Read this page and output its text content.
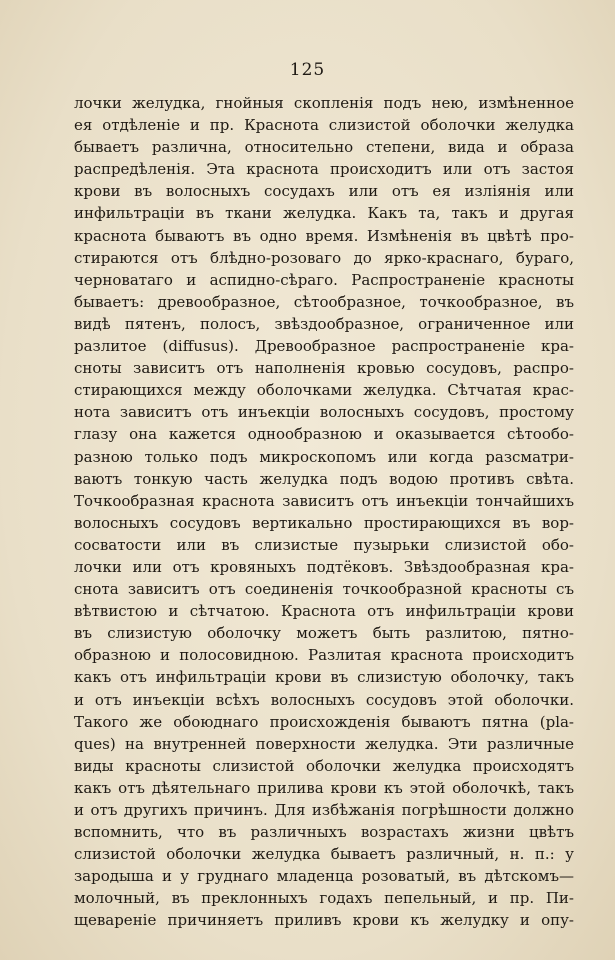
125
лочки желудка, гнойныя скопленія подъ нею, измѣненное
ея отдѣленіе и пр. Краснота слизистой оболочки желудка
бываетъ различна, относительно степени, вида и образа
распредѣленія. Эта краснота происходитъ или отъ застоя
крови въ волосныхъ сосудахъ или отъ ея изліянія или
инфильтраціи въ ткани желудка. Какъ та, такъ и другая
краснота бываютъ въ одно время. Измѣненія въ цвѣтѣ про-
стираются отъ блѣдно-розоваго до ярко-краснаго, бураго,
черноватаго и аспидно-сѣраго. Распространеніе красноты
бываетъ: древообразное, сѣтообразное, точкообразное, въ
видѣ пятенъ, полосъ, звѣздообразное, ограниченное или
разлитое (diffusus). Древообразное распространеніе кра-
сноты зависитъ отъ наполненія кровью сосудовъ, распро-
стирающихся между оболочками желудка. Сѣтчатая крас-
нота зависитъ отъ инъекціи волосныхъ сосудовъ, простому
глазу она кажется однообразною и оказывается сѣтообо-
разною только подъ микроскопомъ или когда разсматри-
ваютъ тонкую часть желудка подъ водою противъ свѣта.
Точкообразная краснота зависитъ отъ инъекціи тончайшихъ
волосныхъ сосудовъ вертикально простирающихся въ вор-
сосватости или въ слизистые пузырьки слизистой обо-
лочки или отъ кровяныхъ подтёковъ. Звѣздообразная кра-
снота зависитъ отъ соединенія точкообразной красноты съ
вѣтвистою и сѣтчатою. Краснота отъ инфильтраціи крови
въ слизистую оболочку можетъ быть разлитою, пятно-
образною и полосовидною. Разлитая краснота происходитъ
какъ отъ инфильтраціи крови въ слизистую оболочку, такъ
и отъ инъекціи всѣхъ волосныхъ сосудовъ этой оболочки.
Такого же обоюднаго происхожденія бываютъ пятна (pla-
ques) на внутренней поверхности желудка. Эти различные
виды красноты слизистой оболочки желудка происходятъ
какъ отъ дѣятельнаго прилива крови къ этой оболочкѣ, такъ
и отъ другихъ причинъ. Для избѣжанія погрѣшности должно
вспомнить, что въ различныхъ возрастахъ жизни цвѣтъ
слизистой оболочки желудка бываетъ различный, н. п.: у
зародыша и у груднаго младенца розоватый, въ дѣтскомъ—
молочный, въ преклонныхъ годахъ пепельный, и пр. Пи-
щевареніе причиняетъ приливъ крови къ желудку и опу-
